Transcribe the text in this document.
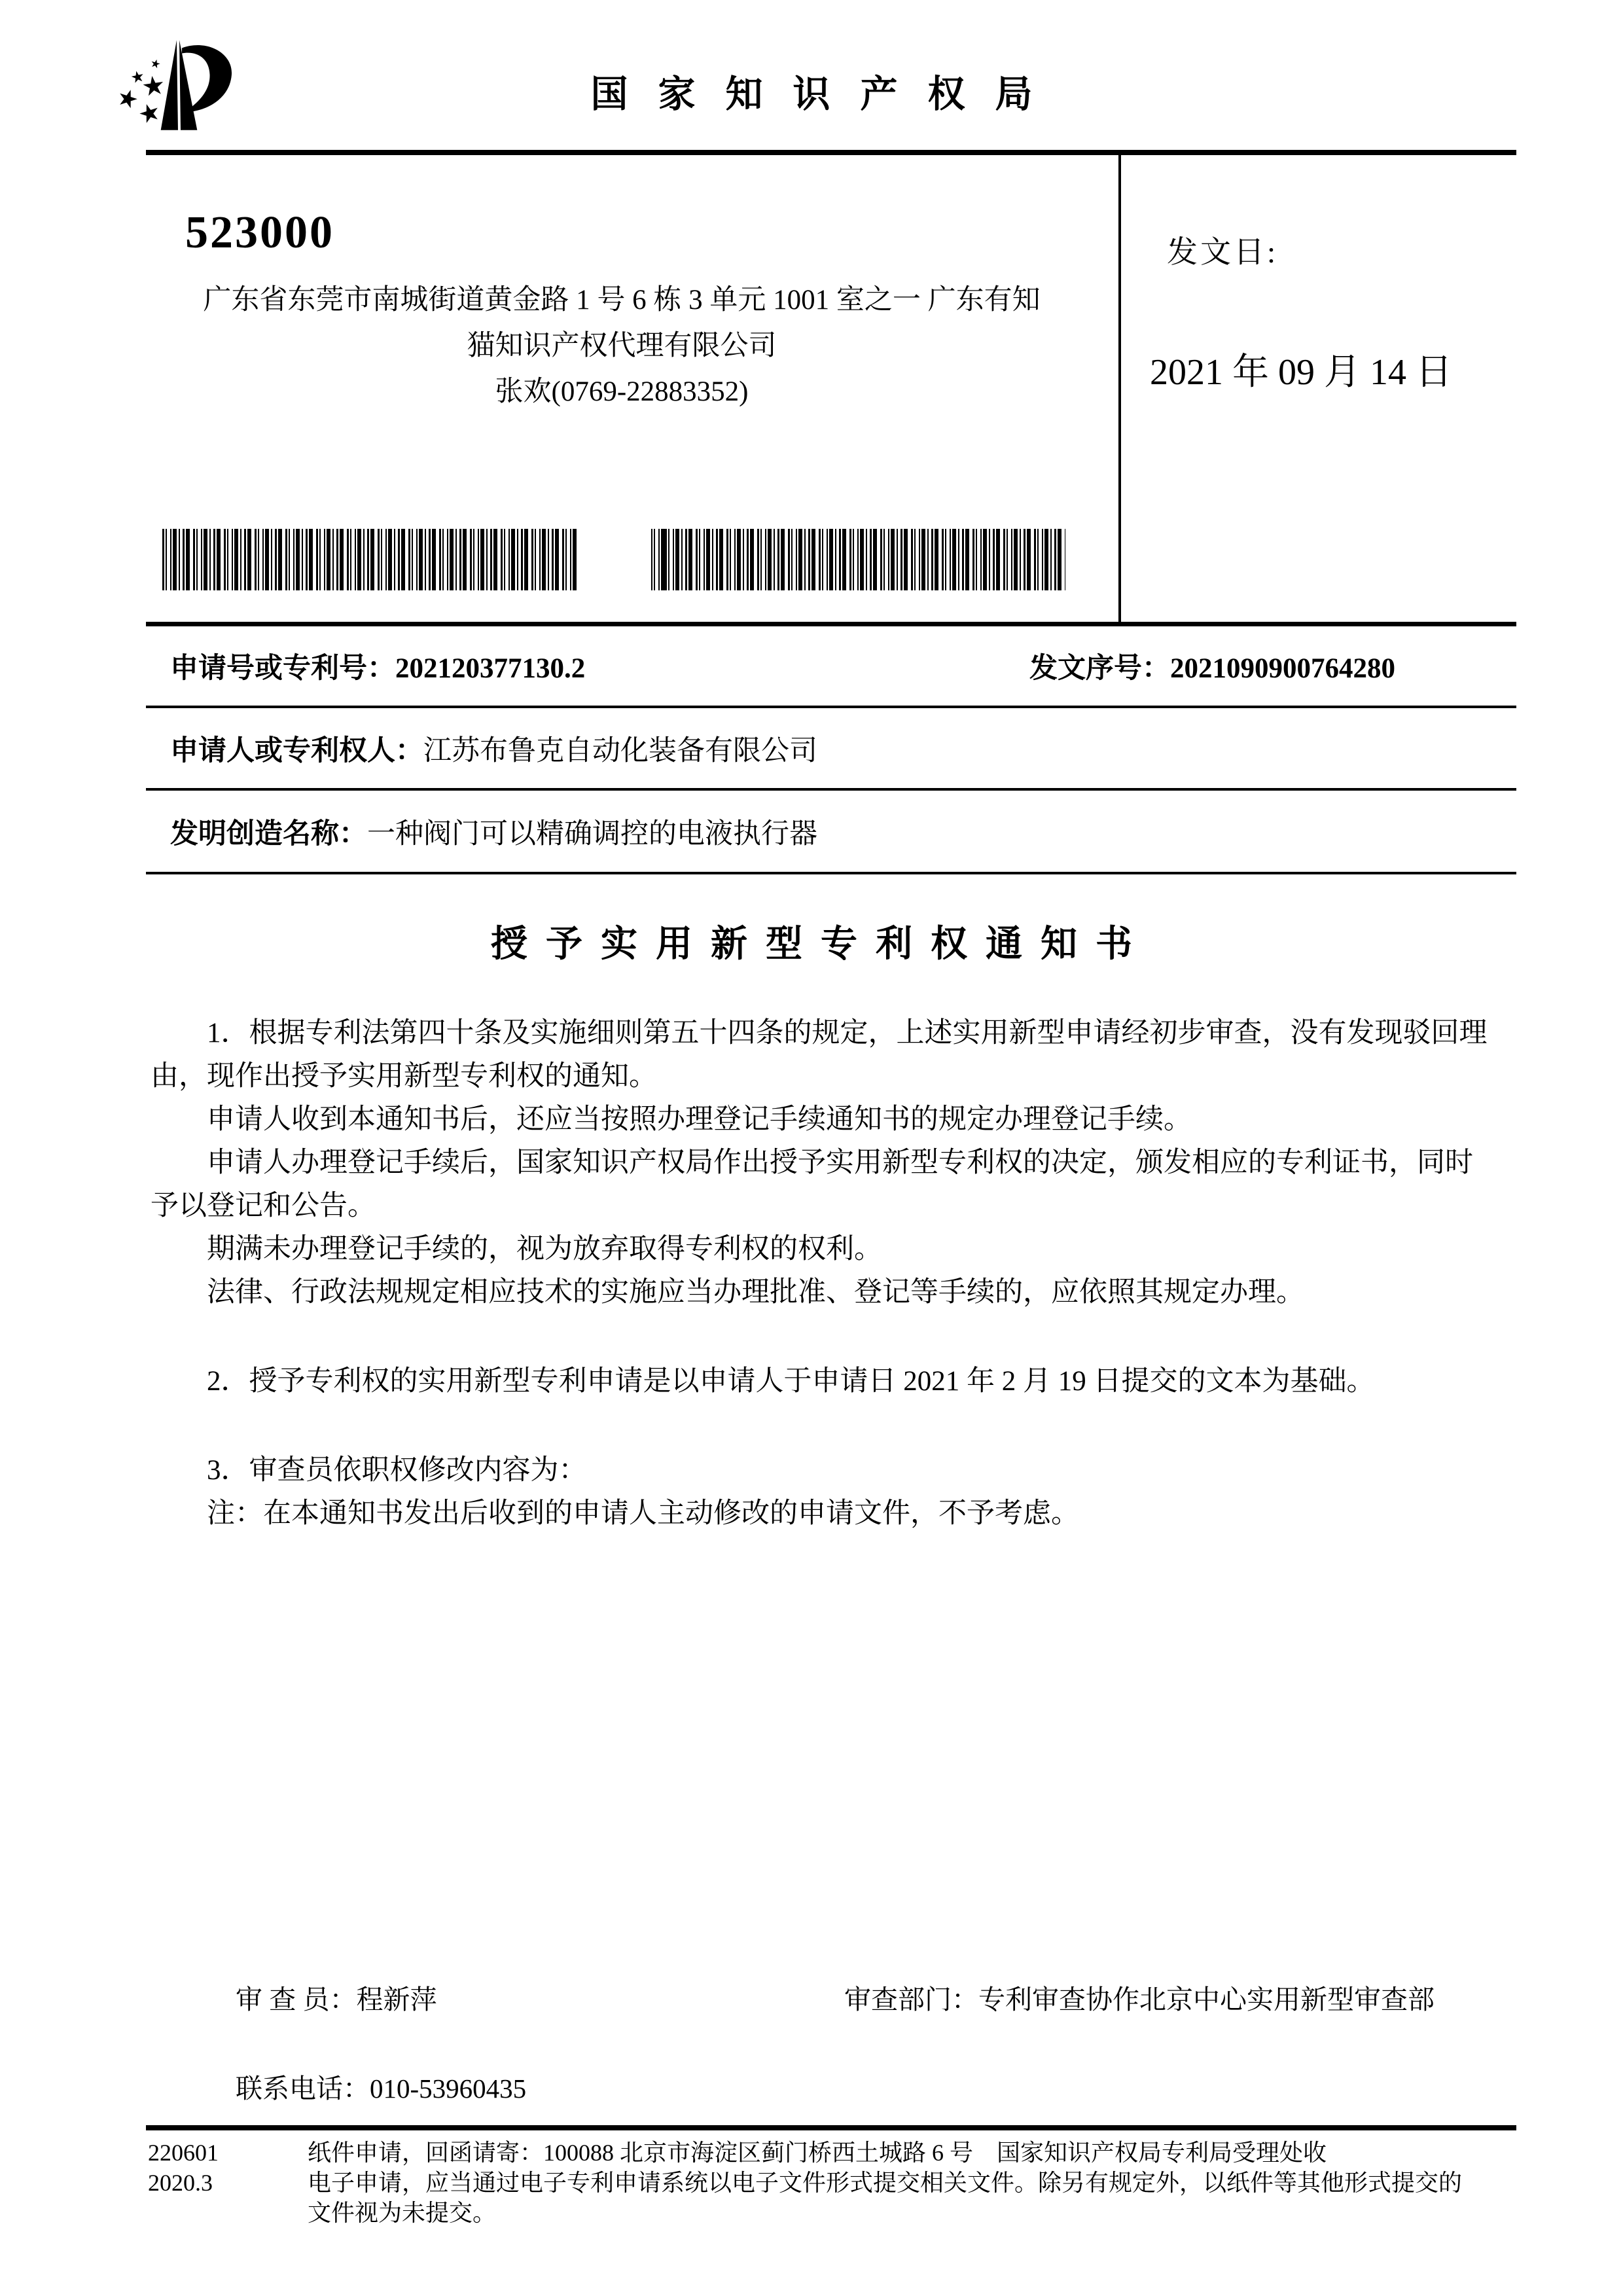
国家知识产权局
523000
广东省东莞市南城街道黄金路 1 号 6 栋 3 单元 1001 室之一 广东有知
猫知识产权代理有限公司
张欢(0769-22883352)
发文日:
2021 年 09 月 14 日
申请号或专利号：202120377130.2	发文序号：2021090900764280
申请人或专利权人：江苏布鲁克自动化装备有限公司
发明创造名称：一种阀门可以精确调控的电液执行器
授予实用新型专利权通知书
1．根据专利法第四十条及实施细则第五十四条的规定，上述实用新型申请经初步审查，没有发现驳回理
由，现作出授予实用新型专利权的通知。
申请人收到本通知书后，还应当按照办理登记手续通知书的规定办理登记手续。
申请人办理登记手续后，国家知识产权局作出授予实用新型专利权的决定，颁发相应的专利证书，同时
予以登记和公告。
期满未办理登记手续的，视为放弃取得专利权的权利。
法律、行政法规规定相应技术的实施应当办理批准、登记等手续的，应依照其规定办理。
2．授予专利权的实用新型专利申请是以申请人于申请日 2021 年 2 月 19 日提交的文本为基础。
3．审查员依职权修改内容为：
注：在本通知书发出后收到的申请人主动修改的申请文件，不予考虑。
审 查 员：程新萍	审查部门：专利审查协作北京中心实用新型审查部
联系电话：010-53960435
220601
2020.3
纸件申请，回函请寄：100088 北京市海淀区蓟门桥西土城路 6 号　国家知识产权局专利局受理处收
电子申请，应当通过电子专利申请系统以电子文件形式提交相关文件。除另有规定外，以纸件等其他形式提交的
文件视为未提交。
